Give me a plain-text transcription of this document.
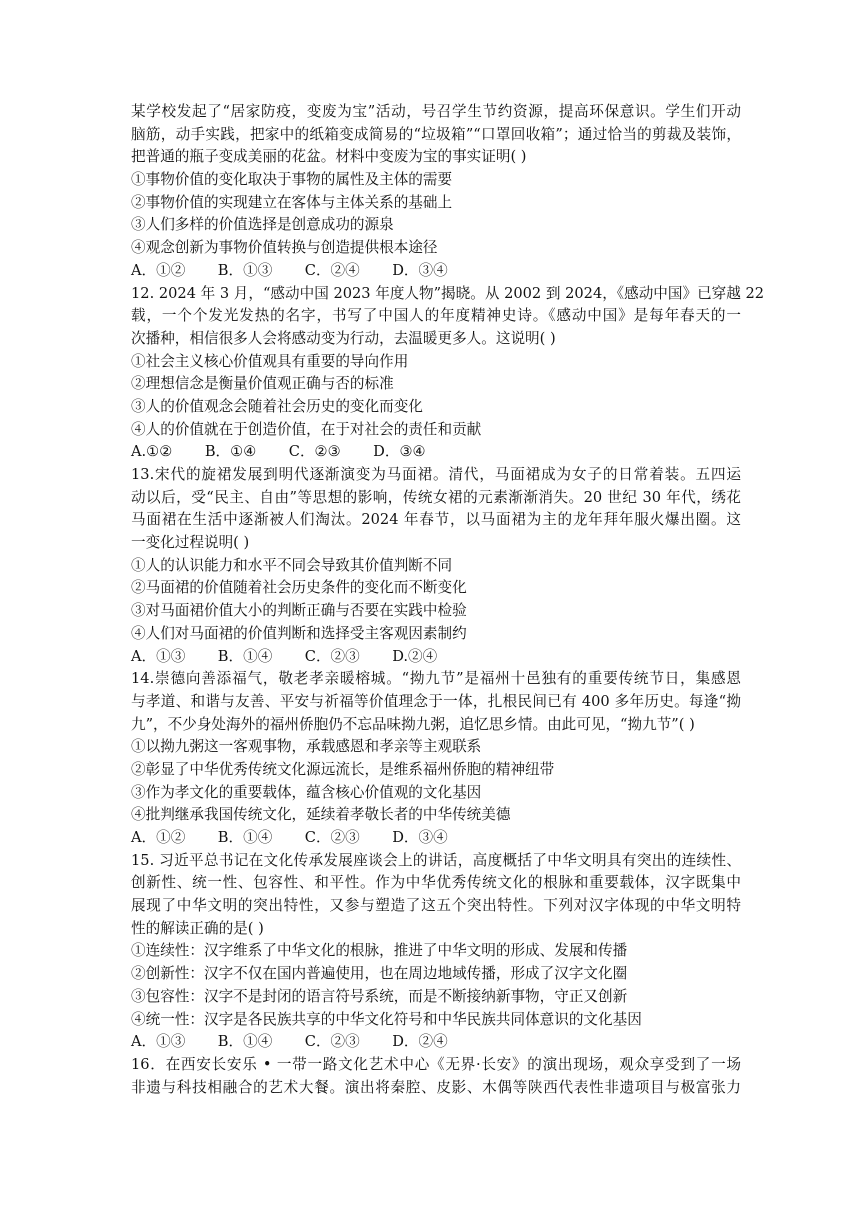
某学校发起了“居家防疫，变废为宝”活动，号召学生节约资源，提高环保意识。学生们开动
脑筋，动手实践，把家中的纸箱变成简易的“垃圾箱”“口罩回收箱”；通过恰当的剪裁及装饰，
把普通的瓶子变成美丽的花盆。材料中变废为宝的事实证明( )
①事物价值的变化取决于事物的属性及主体的需要
②事物价值的实现建立在客体与主体关系的基础上
③人们多样的价值选择是创意成功的源泉
④观念创新为事物价值转换与创造提供根本途径
A．①②       B．①③       C．②④       D．③④
12. 2024 年 3 月，“感动中国 2023 年度人物”揭晓。从 2002 到 2024，《感动中国》已穿越 22
载，一个个发光发热的名字，书写了中国人的年度精神史诗。《感动中国》是每年春天的一
次播种，相信很多人会将感动变为行动，去温暖更多人。这说明( )
①社会主义核心价值观具有重要的导向作用
②理想信念是衡量价值观正确与否的标准
③人的价值观念会随着社会历史的变化而变化
④人的价值就在于创造价值，在于对社会的责任和贡献
A.①②       B．①④       C．②③       D．③④
13.宋代的旋裙发展到明代逐渐演变为马面裙。清代，马面裙成为女子的日常着装。五四运
动以后，受“民主、自由”等思想的影响，传统女裙的元素渐渐消失。20 世纪 30 年代，绣花
马面裙在生活中逐渐被人们淘汰。2024 年春节，以马面裙为主的龙年拜年服火爆出圈。这
一变化过程说明( )
①人的认识能力和水平不同会导致其价值判断不同
②马面裙的价值随着社会历史条件的变化而不断变化
③对马面裙价值大小的判断正确与否要在实践中检验
④人们对马面裙的价值判断和选择受主客观因素制约
A．①③       B．①④       C．②③       D.②④
14.崇德向善添福气，敬老孝亲暖榕城。“拗九节”是福州十邑独有的重要传统节日，集感恩
与孝道、和谐与友善、平安与祈福等价值理念于一体，扎根民间已有 400 多年历史。每逢“拗
九”，不少身处海外的福州侨胞仍不忘品味拗九粥，追忆思乡情。由此可见，“拗九节”( )
①以拗九粥这一客观事物，承载感恩和孝亲等主观联系
②彰显了中华优秀传统文化源远流长，是维系福州侨胞的精神纽带
③作为孝文化的重要载体，蕴含核心价值观的文化基因
④批判继承我国传统文化，延续着孝敬长者的中华传统美德
A．①②       B．①④       C．②③       D．③④
15. 习近平总书记在文化传承发展座谈会上的讲话，高度概括了中华文明具有突出的连续性、
创新性、统一性、包容性、和平性。作为中华优秀传统文化的根脉和重要载体，汉字既集中
展现了中华文明的突出特性，又参与塑造了这五个突出特性。下列对汉字体现的中华文明特
性的解读正确的是( )
①连续性：汉字维系了中华文化的根脉，推进了中华文明的形成、发展和传播
②创新性：汉字不仅在国内普遍使用，也在周边地域传播，形成了汉字文化圈
③包容性：汉字不是封闭的语言符号系统，而是不断接纳新事物，守正又创新
④统一性：汉字是各民族共享的中华文化符号和中华民族共同体意识的文化基因
A．①③       B．①④       C．②③       D．②④
16．在西安长安乐 • 一带一路文化艺术中心《无界·长安》的演出现场，观众享受到了一场
非遗与科技相融合的艺术大餐。演出将秦腔、皮影、木偶等陕西代表性非遗项目与极富张力
